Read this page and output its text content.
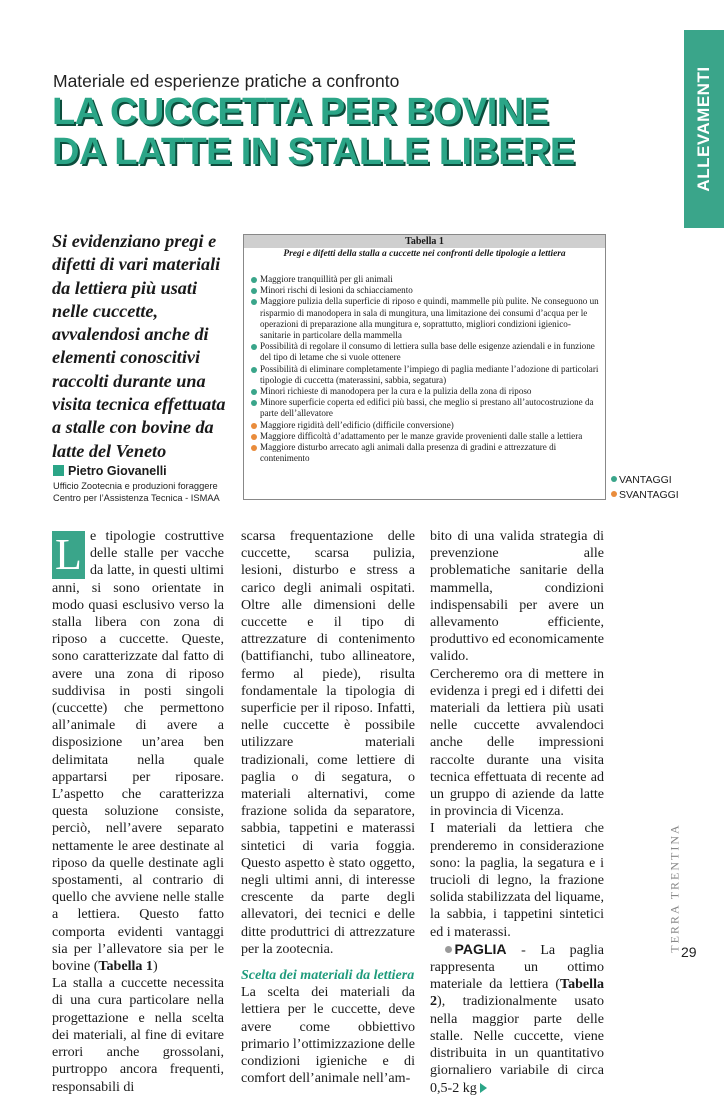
ALLEVAMENTI
Materiale ed esperienze pratiche a confronto
LA CUCCETTA PER BOVINE
DA LATTE IN STALLE LIBERE
Si evidenziano pregi e difetti di vari materiali da lettiera più usati nelle cuccette, avvalendosi anche di elementi conoscitivi raccolti durante una visita tecnica effettuata a stalle con bovine da latte del Veneto
Pietro Giovanelli
Ufficio Zootecnia e produzioni foraggere
Centro per l’Assistenza Tecnica - ISMAA
Tabella 1
Pregi e difetti della stalla a cuccette nei confronti delle tipologie a lettiera
Maggiore tranquillità per gli animali
Minori rischi di lesioni da schiacciamento
Maggiore pulizia della superficie di riposo e quindi, mammelle più pulite. Ne conseguono un risparmio di manodopera in sala di mungitura, una limitazione dei consumi d’acqua per le operazioni di preparazione alla mungitura e, soprattutto, migliori condizioni igienico-sanitarie in particolare della mammella
Possibilità di regolare il consumo di lettiera sulla base delle esigenze aziendali e in funzione del tipo di letame che si vuole ottenere
Possibilità di eliminare completamente l’impiego di paglia mediante l’adozione di particolari tipologie di cuccetta (materassini, sabbia, segatura)
Minori richieste di manodopera per la cura e la pulizia della zona di riposo
Minore superficie coperta ed edifici più bassi, che meglio si prestano all’autocostruzione da parte dell’allevatore
Maggiore rigidità dell’edificio (difficile conversione)
Maggiore difficoltà d’adattamento per le manze gravide provenienti dalle stalle a lettiera
Maggiore disturbo arrecato agli animali dalla presenza di gradini e attrezzature di contenimento
VANTAGGI
SVANTAGGI

L e tipologie costruttive delle stalle per vacche da latte, in questi ultimi anni, si sono orientate in modo quasi esclusivo verso la stalla libera con zona di riposo a cuccette. Queste, sono caratterizzate dal fatto di avere una zona di riposo suddivisa in posti singoli (cuccette) che permettono all’animale di avere a disposizione un’area ben delimitata nella quale appartarsi per riposare. L’aspetto che caratterizza questa soluzione consiste, perciò, nell’avere separato nettamente le aree destinate al riposo da quelle destinate agli spostamenti, al contrario di quello che avviene nelle stalle a lettiera. Questo fatto comporta evidenti vantaggi sia per l’allevatore sia per le bovine (Tabella 1)

La stalla a cuccette necessita di una cura particolare nella progettazione e nella scelta dei materiali, al fine di evitare errori anche grossolani, purtroppo ancora frequenti, responsabili di

scarsa frequentazione delle cuccette, scarsa pulizia, lesioni, disturbo e stress a carico degli animali ospitati. Oltre alle dimensioni delle cuccette e il tipo di attrezzature di contenimento (battifianchi, tubo allineatore, fermo al piede), risulta fondamentale la tipologia di superficie per il riposo. Infatti, nelle cuccette è possibile utilizzare materiali tradizionali, come lettiere di paglia o di segatura, o materiali alternativi, come frazione solida da separatore, sabbia, tappetini e materassi sintetici di varia foggia. Questo aspetto è stato oggetto, negli ultimi anni, di interesse crescente da parte degli allevatori, dei tecnici e delle ditte produttrici di attrezzature per la zootecnia.

Scelta dei materiali da lettiera

La scelta dei materiali da lettiera per le cuccette, deve avere come obbiettivo primario l’ottimizzazione delle condizioni igieniche e di comfort dell’animale nell’am-

bito di una valida strategia di prevenzione alle problematiche sanitarie della mammella, condizioni indispensabili per avere un allevamento efficiente, produttivo ed economicamente valido.

Cercheremo ora di mettere in evidenza i pregi ed i difetti dei materiali da lettiera più usati nelle cuccette avvalendoci anche delle impressioni raccolte durante una visita tecnica effettuata di recente ad un gruppo di aziende da latte in provincia di Vicenza.

I materiali da lettiera che prenderemo in considerazione sono: la paglia, la segatura e i trucioli di legno, la frazione solida stabilizzata del liquame, la sabbia, i tappetini sintetici ed i materassi.

PAGLIA - La paglia rappresenta un ottimo materiale da lettiera (Tabella 2), tradizionalmente usato nella maggior parte delle stalle. Nelle cuccette, viene distribuita in un quantitativo giornaliero variabile di circa 0,5-2 kg

TERRA TRENTINA 29
